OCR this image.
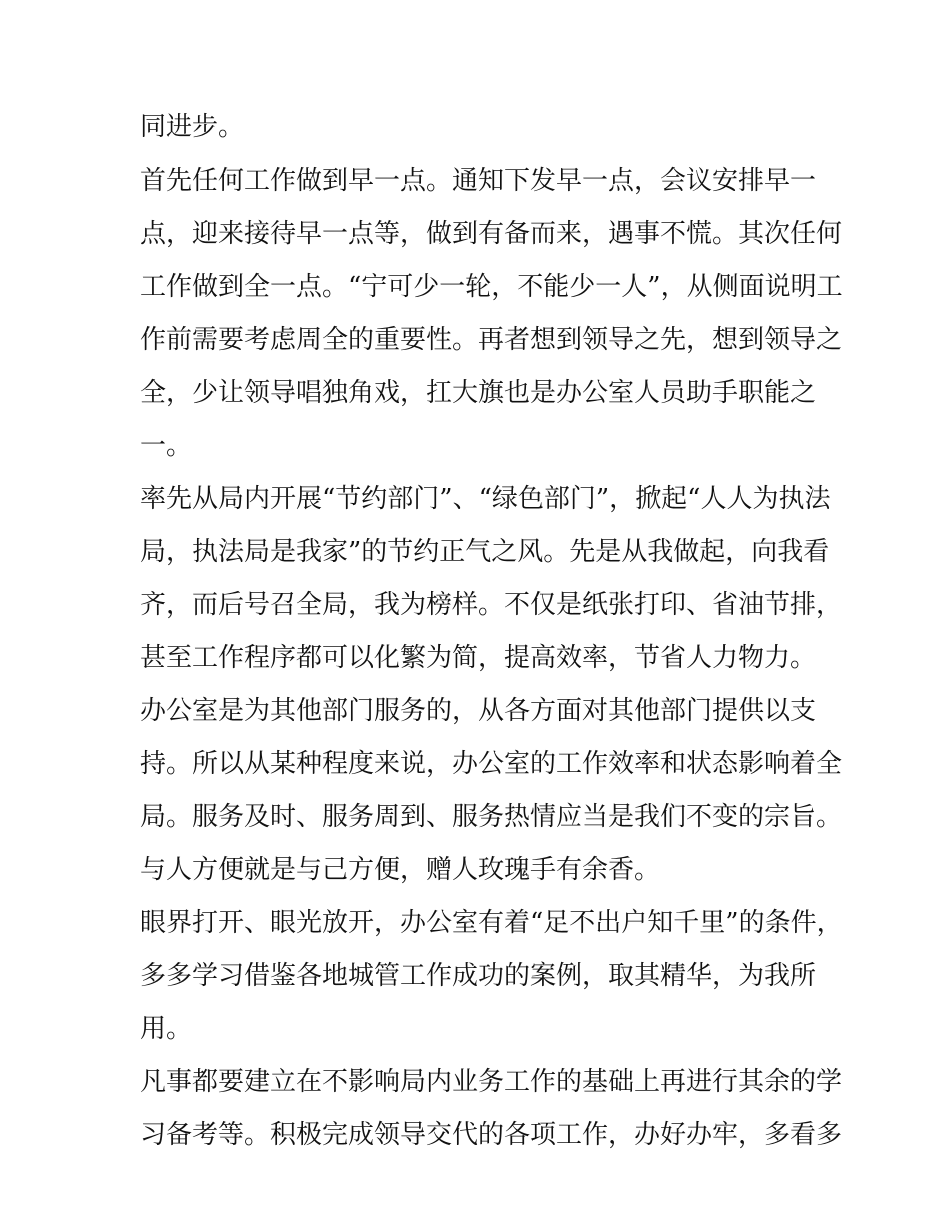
同进步。
首先任何工作做到早一点。通知下发早一点，会议安排早一
点，迎来接待早一点等，做到有备而来，遇事不慌。其次任何
工作做到全一点。“宁可少一轮，不能少一人”，从侧面说明工
作前需要考虑周全的重要性。再者想到领导之先，想到领导之
全，少让领导唱独角戏，扛大旗也是办公室人员助手职能之
一。
率先从局内开展“节约部门”、“绿色部门”，掀起“人人为执法
局，执法局是我家”的节约正气之风。先是从我做起，向我看
齐，而后号召全局，我为榜样。不仅是纸张打印、省油节排，
甚至工作程序都可以化繁为简，提高效率，节省人力物力。
办公室是为其他部门服务的，从各方面对其他部门提供以支
持。所以从某种程度来说，办公室的工作效率和状态影响着全
局。服务及时、服务周到、服务热情应当是我们不变的宗旨。
与人方便就是与己方便，赠人玫瑰手有余香。
眼界打开、眼光放开，办公室有着“足不出户知千里”的条件，
多多学习借鉴各地城管工作成功的案例，取其精华，为我所
用。
凡事都要建立在不影响局内业务工作的基础上再进行其余的学
习备考等。积极完成领导交代的各项工作，办好办牢，多看多
